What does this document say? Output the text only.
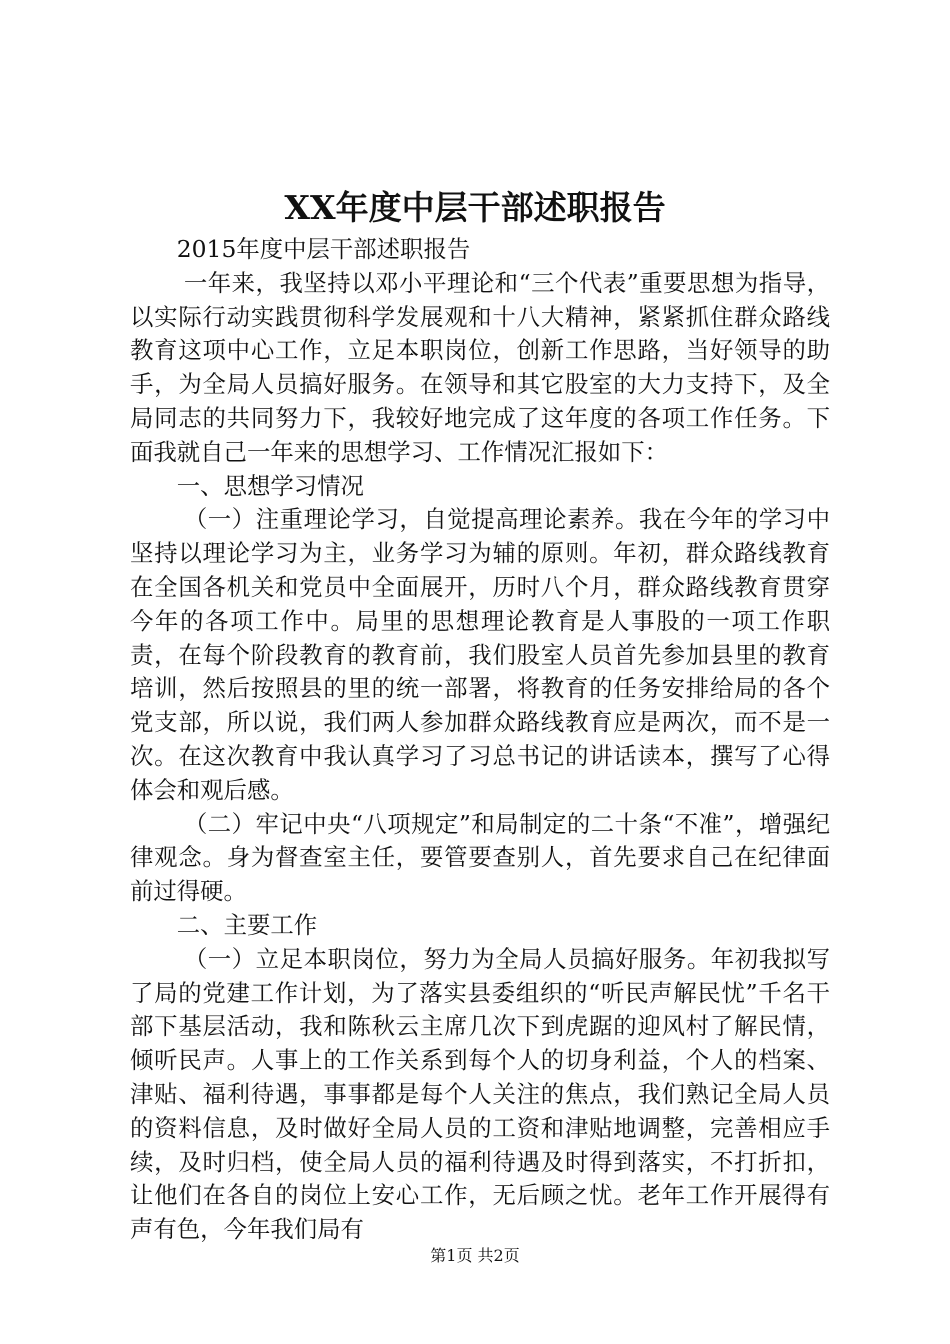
XX年度中层干部述职报告

2015年度中层干部述职报告

一年来，我坚持以邓小平理论和“三个代表”重要思想为指导，以实际行动实践贯彻科学发展观和十八大精神，紧紧抓住群众路线教育这项中心工作，立足本职岗位，创新工作思路，当好领导的助手，为全局人员搞好服务。在领导和其它股室的大力支持下，及全局同志的共同努力下，我较好地完成了这年度的各项工作任务。下面我就自己一年来的思想学习、工作情况汇报如下：

一、思想学习情况

（一）注重理论学习，自觉提高理论素养。我在今年的学习中坚持以理论学习为主，业务学习为辅的原则。年初，群众路线教育在全国各机关和党员中全面展开，历时八个月，群众路线教育贯穿今年的各项工作中。局里的思想理论教育是人事股的一项工作职责，在每个阶段教育的教育前，我们股室人员首先参加县里的教育培训，然后按照县的里的统一部署，将教育的任务安排给局的各个党支部，所以说，我们两人参加群众路线教育应是两次，而不是一次。在这次教育中我认真学习了习总书记的讲话读本，撰写了心得体会和观后感。

（二）牢记中央“八项规定”和局制定的二十条“不准”，增强纪律观念。身为督查室主任，要管要查别人，首先要求自己在纪律面前过得硬。

二、主要工作

（一）立足本职岗位，努力为全局人员搞好服务。年初我拟写了局的党建工作计划，为了落实县委组织的“听民声解民忧”千名干部下基层活动，我和陈秋云主席几次下到虎踞的迎风村了解民情，倾听民声。人事上的工作关系到每个人的切身利益，个人的档案、津贴、福利待遇，事事都是每个人关注的焦点，我们熟记全局人员的资料信息，及时做好全局人员的工资和津贴地调整，完善相应手续，及时归档，使全局人员的福利待遇及时得到落实，不打折扣，让他们在各自的岗位上安心工作，无后顾之忧。老年工作开展得有声有色，今年我们局有

第1页 共2页
